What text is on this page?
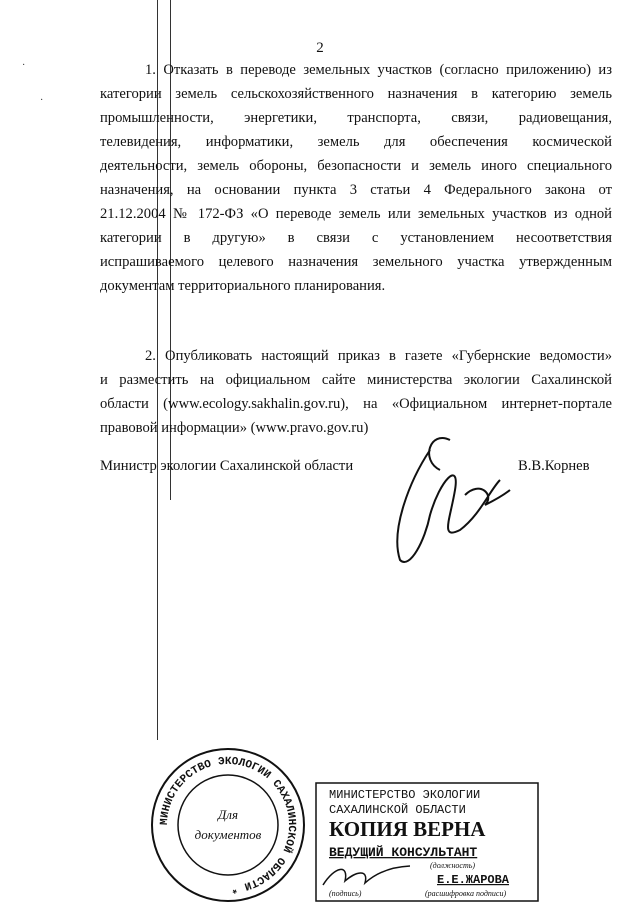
·
·
2
1. Отказать в переводе земельных участков (согласно приложению) из
категории земель сельскохозяйственного назначения в категорию земель
промышленности, энергетики, транспорта, связи, радиовещания,
телевидения, информатики, земель для обеспечения космической
деятельности, земель обороны, безопасности и земель иного специального
назначения, на основании пункта 3 статьи 4 Федерального закона от
21.12.2004 № 172-ФЗ «О переводе земель или земельных участков из одной
категории в другую» в связи с установлением несоответствия
испрашиваемого целевого назначения земельного участка утвержденным
документам территориального планирования.
2. Опубликовать настоящий приказ в газете «Губернские ведомости»
и разместить на официальном сайте министерства экологии Сахалинской
области (www.ecology.sakhalin.gov.ru), на «Официальном интернет-портале
правовой информации» (www.pravo.gov.ru)
Министр экологии Сахалинской области	В.В.Корнев
МИНИСТЕРСТВО ЭКОЛОГИИ САХАЛИНСКОЙ ОБЛАСТИ *
Для
документов
МИНИСТЕРСТВО ЭКОЛОГИИ
САХАЛИНСКОЙ ОБЛАСТИ
КОПИЯ ВЕРНА
ВЕДУЩИЙ КОНСУЛЬТАНТ
(должность)
Е.Е.ЖАРОВА
(расшифровка подписи)
(подпись)
